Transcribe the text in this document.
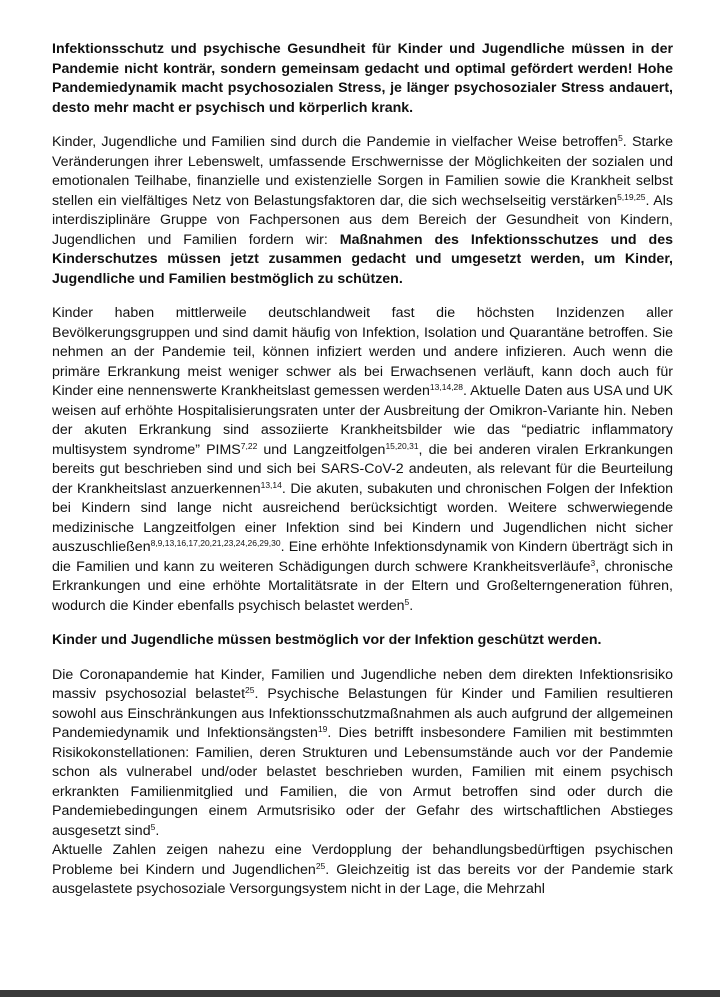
Infektionsschutz und psychische Gesundheit für Kinder und Jugendliche müssen in der Pandemie nicht konträr, sondern gemeinsam gedacht und optimal gefördert werden! Hohe Pandemiedynamik macht psychosozialen Stress, je länger psychosozialer Stress andauert, desto mehr macht er psychisch und körperlich krank.

Kinder, Jugendliche und Familien sind durch die Pandemie in vielfacher Weise betroffen$^5$. Starke Veränderungen ihrer Lebenswelt, umfassende Erschwernisse der Möglichkeiten der sozialen und emotionalen Teilhabe, finanzielle und existenzielle Sorgen in Familien sowie die Krankheit selbst stellen ein vielfältiges Netz von Belastungsfaktoren dar, die sich wechselseitig verstärken$^{5,19,25}$. Als interdisziplinäre Gruppe von Fachpersonen aus dem Bereich der Gesundheit von Kindern, Jugendlichen und Familien fordern wir: Maßnahmen des Infektionsschutzes und des Kinderschutzes müssen jetzt zusammen gedacht und umgesetzt werden, um Kinder, Jugendliche und Familien bestmöglich zu schützen.

Kinder haben mittlerweile deutschlandweit fast die höchsten Inzidenzen aller Bevölkerungsgruppen und sind damit häufig von Infektion, Isolation und Quarantäne betroffen. Sie nehmen an der Pandemie teil, können infiziert werden und andere infizieren. Auch wenn die primäre Erkrankung meist weniger schwer als bei Erwachsenen verläuft, kann doch auch für Kinder eine nennenswerte Krankheitslast gemessen werden$^{13,14,28}$. Aktuelle Daten aus USA und UK weisen auf erhöhte Hospitalisierungsraten unter der Ausbreitung der Omikron-Variante hin. Neben der akuten Erkrankung sind assoziierte Krankheitsbilder wie das “pediatric inflammatory multisystem syndrome” PIMS$^{7,22}$ und Langzeitfolgen$^{15,20,31}$, die bei anderen viralen Erkrankungen bereits gut beschrieben sind und sich bei SARS-CoV-2 andeuten, als relevant für die Beurteilung der Krankheitslast anzuerkennen$^{13,14}$. Die akuten, subakuten und chronischen Folgen der Infektion bei Kindern sind lange nicht ausreichend berücksichtigt worden. Weitere schwerwiegende medizinische Langzeitfolgen einer Infektion sind bei Kindern und Jugendlichen nicht sicher auszuschließen$^{8,9,13,16,17,20,21,23,24,26,29,30}$. Eine erhöhte Infektionsdynamik von Kindern überträgt sich in die Familien und kann zu weiteren Schädigungen durch schwere Krankheitsverläufe$^3$, chronische Erkrankungen und eine erhöhte Mortalitätsrate in der Eltern und Großelterngeneration führen, wodurch die Kinder ebenfalls psychisch belastet werden$^5$.

Kinder und Jugendliche müssen bestmöglich vor der Infektion geschützt werden.

Die Coronapandemie hat Kinder, Familien und Jugendliche neben dem direkten Infektionsrisiko massiv psychosozial belastet$^{25}$. Psychische Belastungen für Kinder und Familien resultieren sowohl aus Einschränkungen aus Infektionsschutzmaßnahmen als auch aufgrund der allgemeinen Pandemiedynamik und Infektionsängsten$^{19}$. Dies betrifft insbesondere Familien mit bestimmten Risikokonstellationen: Familien, deren Strukturen und Lebensumstände auch vor der Pandemie schon als vulnerabel und/oder belastet beschrieben wurden, Familien mit einem psychisch erkrankten Familienmitglied und Familien, die von Armut betroffen sind oder durch die Pandemiebedingungen einem Armutsrisiko oder der Gefahr des wirtschaftlichen Abstieges ausgesetzt sind$^5$.

Aktuelle Zahlen zeigen nahezu eine Verdopplung der behandlungsbedürftigen psychischen Probleme bei Kindern und Jugendlichen$^{25}$. Gleichzeitig ist das bereits vor der Pandemie stark ausgelastete psychosoziale Versorgungsystem nicht in der Lage, die Mehrzahl
